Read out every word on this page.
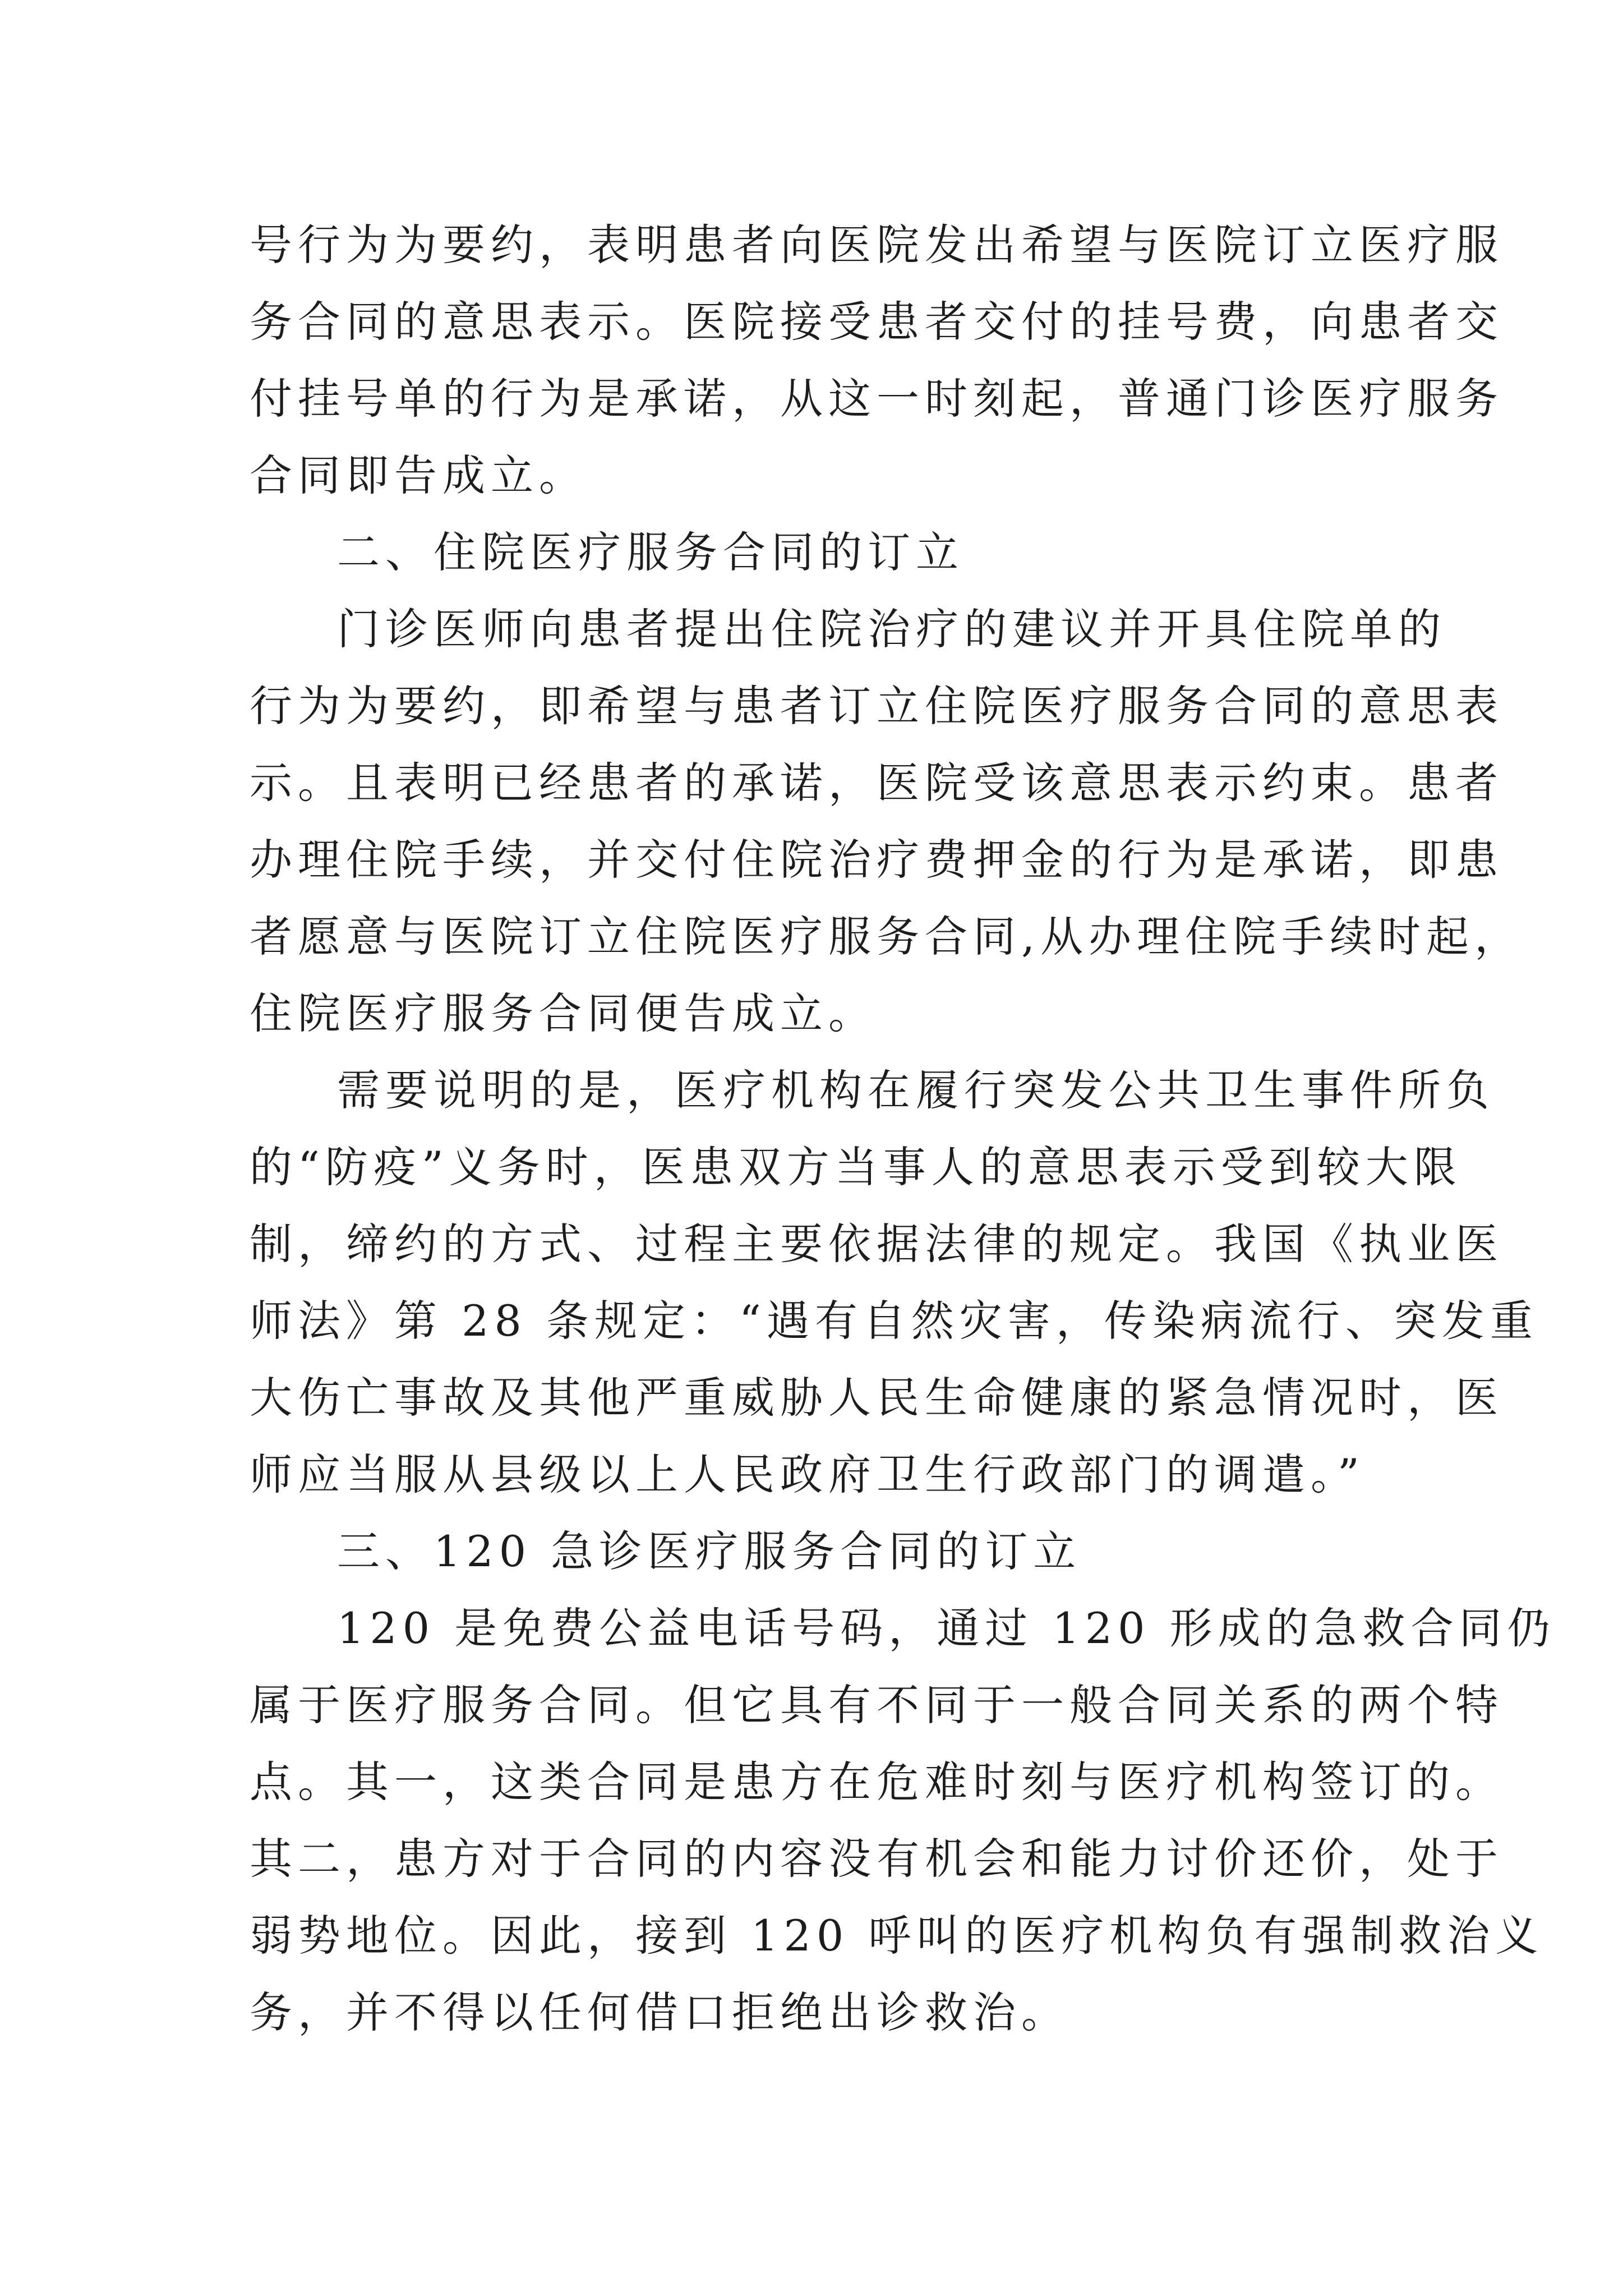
号行为为要约，表明患者向医院发出希望与医院订立医疗服
务合同的意思表示。医院接受患者交付的挂号费，向患者交
付挂号单的行为是承诺，从这一时刻起，普通门诊医疗服务
合同即告成立。

二、住院医疗服务合同的订立

门诊医师向患者提出住院治疗的建议并开具住院单的
行为为要约，即希望与患者订立住院医疗服务合同的意思表
示。且表明已经患者的承诺，医院受该意思表示约束。患者
办理住院手续，并交付住院治疗费押金的行为是承诺，即患
者愿意与医院订立住院医疗服务合同,从办理住院手续时起，
住院医疗服务合同便告成立。

需要说明的是，医疗机构在履行突发公共卫生事件所负
的“防疫”义务时，医患双方当事人的意思表示受到较大限
制，缔约的方式、过程主要依据法律的规定。我国《执业医
师法》第 28 条规定：“遇有自然灾害，传染病流行、突发重
大伤亡事故及其他严重威胁人民生命健康的紧急情况时，医
师应当服从县级以上人民政府卫生行政部门的调遣。”

三、120 急诊医疗服务合同的订立

120 是免费公益电话号码，通过 120 形成的急救合同仍
属于医疗服务合同。但它具有不同于一般合同关系的两个特
点。其一，这类合同是患方在危难时刻与医疗机构签订的。
其二，患方对于合同的内容没有机会和能力讨价还价，处于
弱势地位。因此，接到 120 呼叫的医疗机构负有强制救治义
务，并不得以任何借口拒绝出诊救治。
